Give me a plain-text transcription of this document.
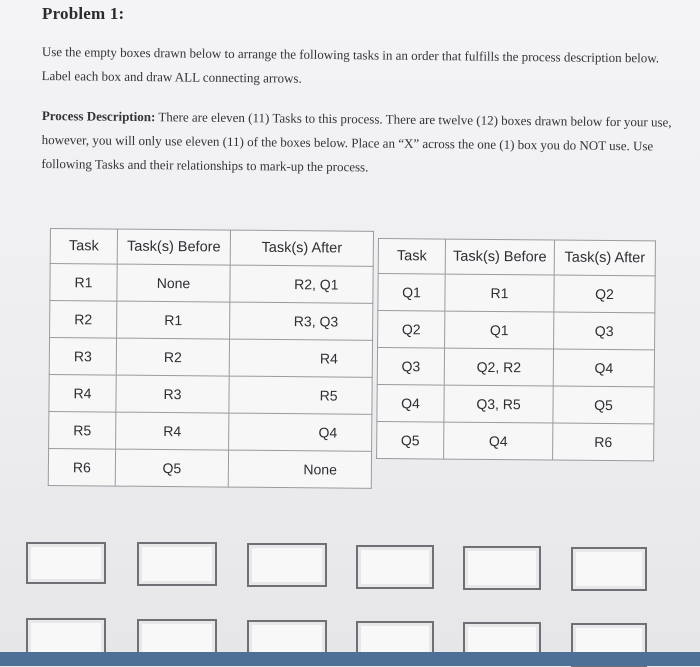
Problem 1:
Use the empty boxes drawn below to arrange the following tasks in an order that fulfills the process description below. Label each box and draw ALL connecting arrows.
Process Description: There are eleven (11) Tasks to this process. There are twelve (12) boxes drawn below for your use, however, you will only use eleven (11) of the boxes below. Place an “X” across the one (1) box you do NOT use. Use following Tasks and their relationships to mark-up the process.
Task	Task(s) Before	Task(s) After
R1	None	R2, Q1
R2	R1	R3, Q3
R3	R2	R4
R4	R3	R5
R5	R4	Q4
R6	Q5	None
Task	Task(s) Before	Task(s) After
Q1	R1	Q2
Q2	Q1	Q3
Q3	Q2, R2	Q4
Q4	Q3, R5	Q5
Q5	Q4	R6
